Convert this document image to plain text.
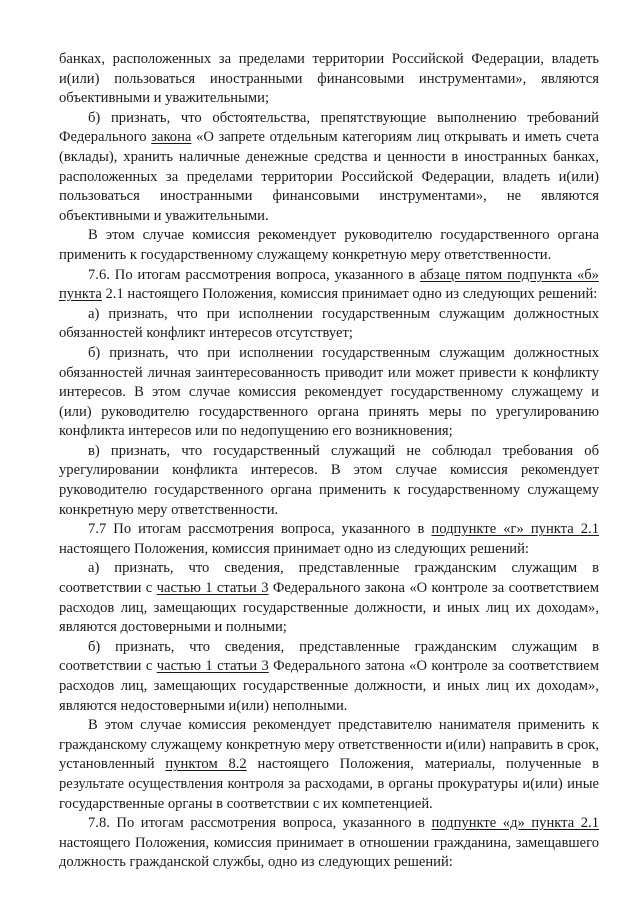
банках, расположенных за пределами территории Российской Федерации, владеть и(или) пользоваться иностранными финансовыми инструментами», являются объективными и уважительными;

б) признать, что обстоятельства, препятствующие выполнению требований Федерального закона «О запрете отдельным категориям лиц открывать и иметь счета (вклады), хранить наличные денежные средства и ценности в иностранных банках, расположенных за пределами территории Российской Федерации, владеть и(или) пользоваться иностранными финансовыми инструментами», не являются объективными и уважительными.

В этом случае комиссия рекомендует руководителю государственного органа применить к государственному служащему конкретную меру ответственности.

7.6. По итогам рассмотрения вопроса, указанного в абзаце пятом подпункта «б» пункта 2.1 настоящего Положения, комиссия принимает одно из следующих решений:

а) признать, что при исполнении государственным служащим должностных обязанностей конфликт интересов отсутствует;

б) признать, что при исполнении государственным служащим должностных обязанностей личная заинтересованность приводит или может привести к конфликту интересов. В этом случае комиссия рекомендует государственному служащему и (или) руководителю государственного органа принять меры по урегулированию конфликта интересов или по недопущению его возникновения;

в) признать, что государственный служащий не соблюдал требования об урегулировании конфликта интересов. В этом случае комиссия рекомендует руководителю государственного органа применить к государственному служащему конкретную меру ответственности.

7.7 По итогам рассмотрения вопроса, указанного в подпункте «г» пункта 2.1 настоящего Положения, комиссия принимает одно из следующих решений:

а) признать, что сведения, представленные гражданским служащим в соответствии с частью 1 статьи 3 Федерального закона «О контроле за соответствием расходов лиц, замещающих государственные должности, и иных лиц их доходам», являются достоверными и полными;

б) признать, что сведения, представленные гражданским служащим в соответствии с частью 1 статьи 3 Федерального затона «О контроле за соответствием расходов лиц, замещающих государственные должности, и иных лиц их доходам», являются недостоверными и(или) неполными.

В этом случае комиссия рекомендует представителю нанимателя применить к гражданскому служащему конкретную меру ответственности и(или) направить в срок, установленный пунктом 8.2 настоящего Положения, материалы, полученные в результате осуществления контроля за расходами, в органы прокуратуры и(или) иные государственные органы в соответствии с их компетенцией.

7.8. По итогам рассмотрения вопроса, указанного в подпункте «д» пункта 2.1 настоящего Положения, комиссия принимает в отношении гражданина, замещавшего должность гражданской службы, одно из следующих решений:
